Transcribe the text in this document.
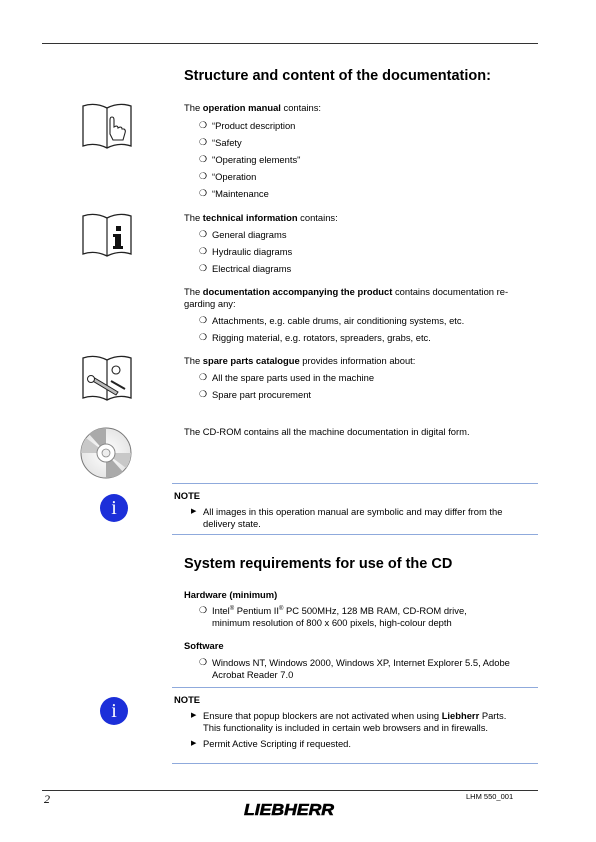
Structure and content of the documentation:
The operation manual contains:
❍ “Product description
❍ “Safety
❍ "Operating elements"
❍ “Operation
❍ “Maintenance
The technical information contains:
❍ General diagrams
❍ Hydraulic diagrams
❍ Electrical diagrams
The documentation accompanying the product contains documentation re-
garding any:
❍ Attachments, e.g. cable drums, air conditioning systems, etc.
❍ Rigging material, e.g. rotators, spreaders, grabs, etc.
The spare parts catalogue provides information about:
❍ All the spare parts used in the machine
❍ Spare part procurement
The CD-ROM contains all the machine documentation in digital form.
i
NOTE
▶ All images in this operation manual are symbolic and may differ from the
delivery state.
System requirements for use of the CD
Hardware (minimum)
❍ Intel® Pentium II® PC 500MHz, 128 MB RAM, CD-ROM drive,
minimum resolution of 800 x 600 pixels, high-colour depth
Software
❍ Windows NT, Windows 2000, Windows XP, Internet Explorer 5.5, Adobe
Acrobat Reader 7.0
i
NOTE
▶ Ensure that popup blockers are not activated when using Liebherr Parts.
This functionality is included in certain web browsers and in firewalls.
▶ Permit Active Scripting if requested.
2	LHM 550_001
LIEBHERR
